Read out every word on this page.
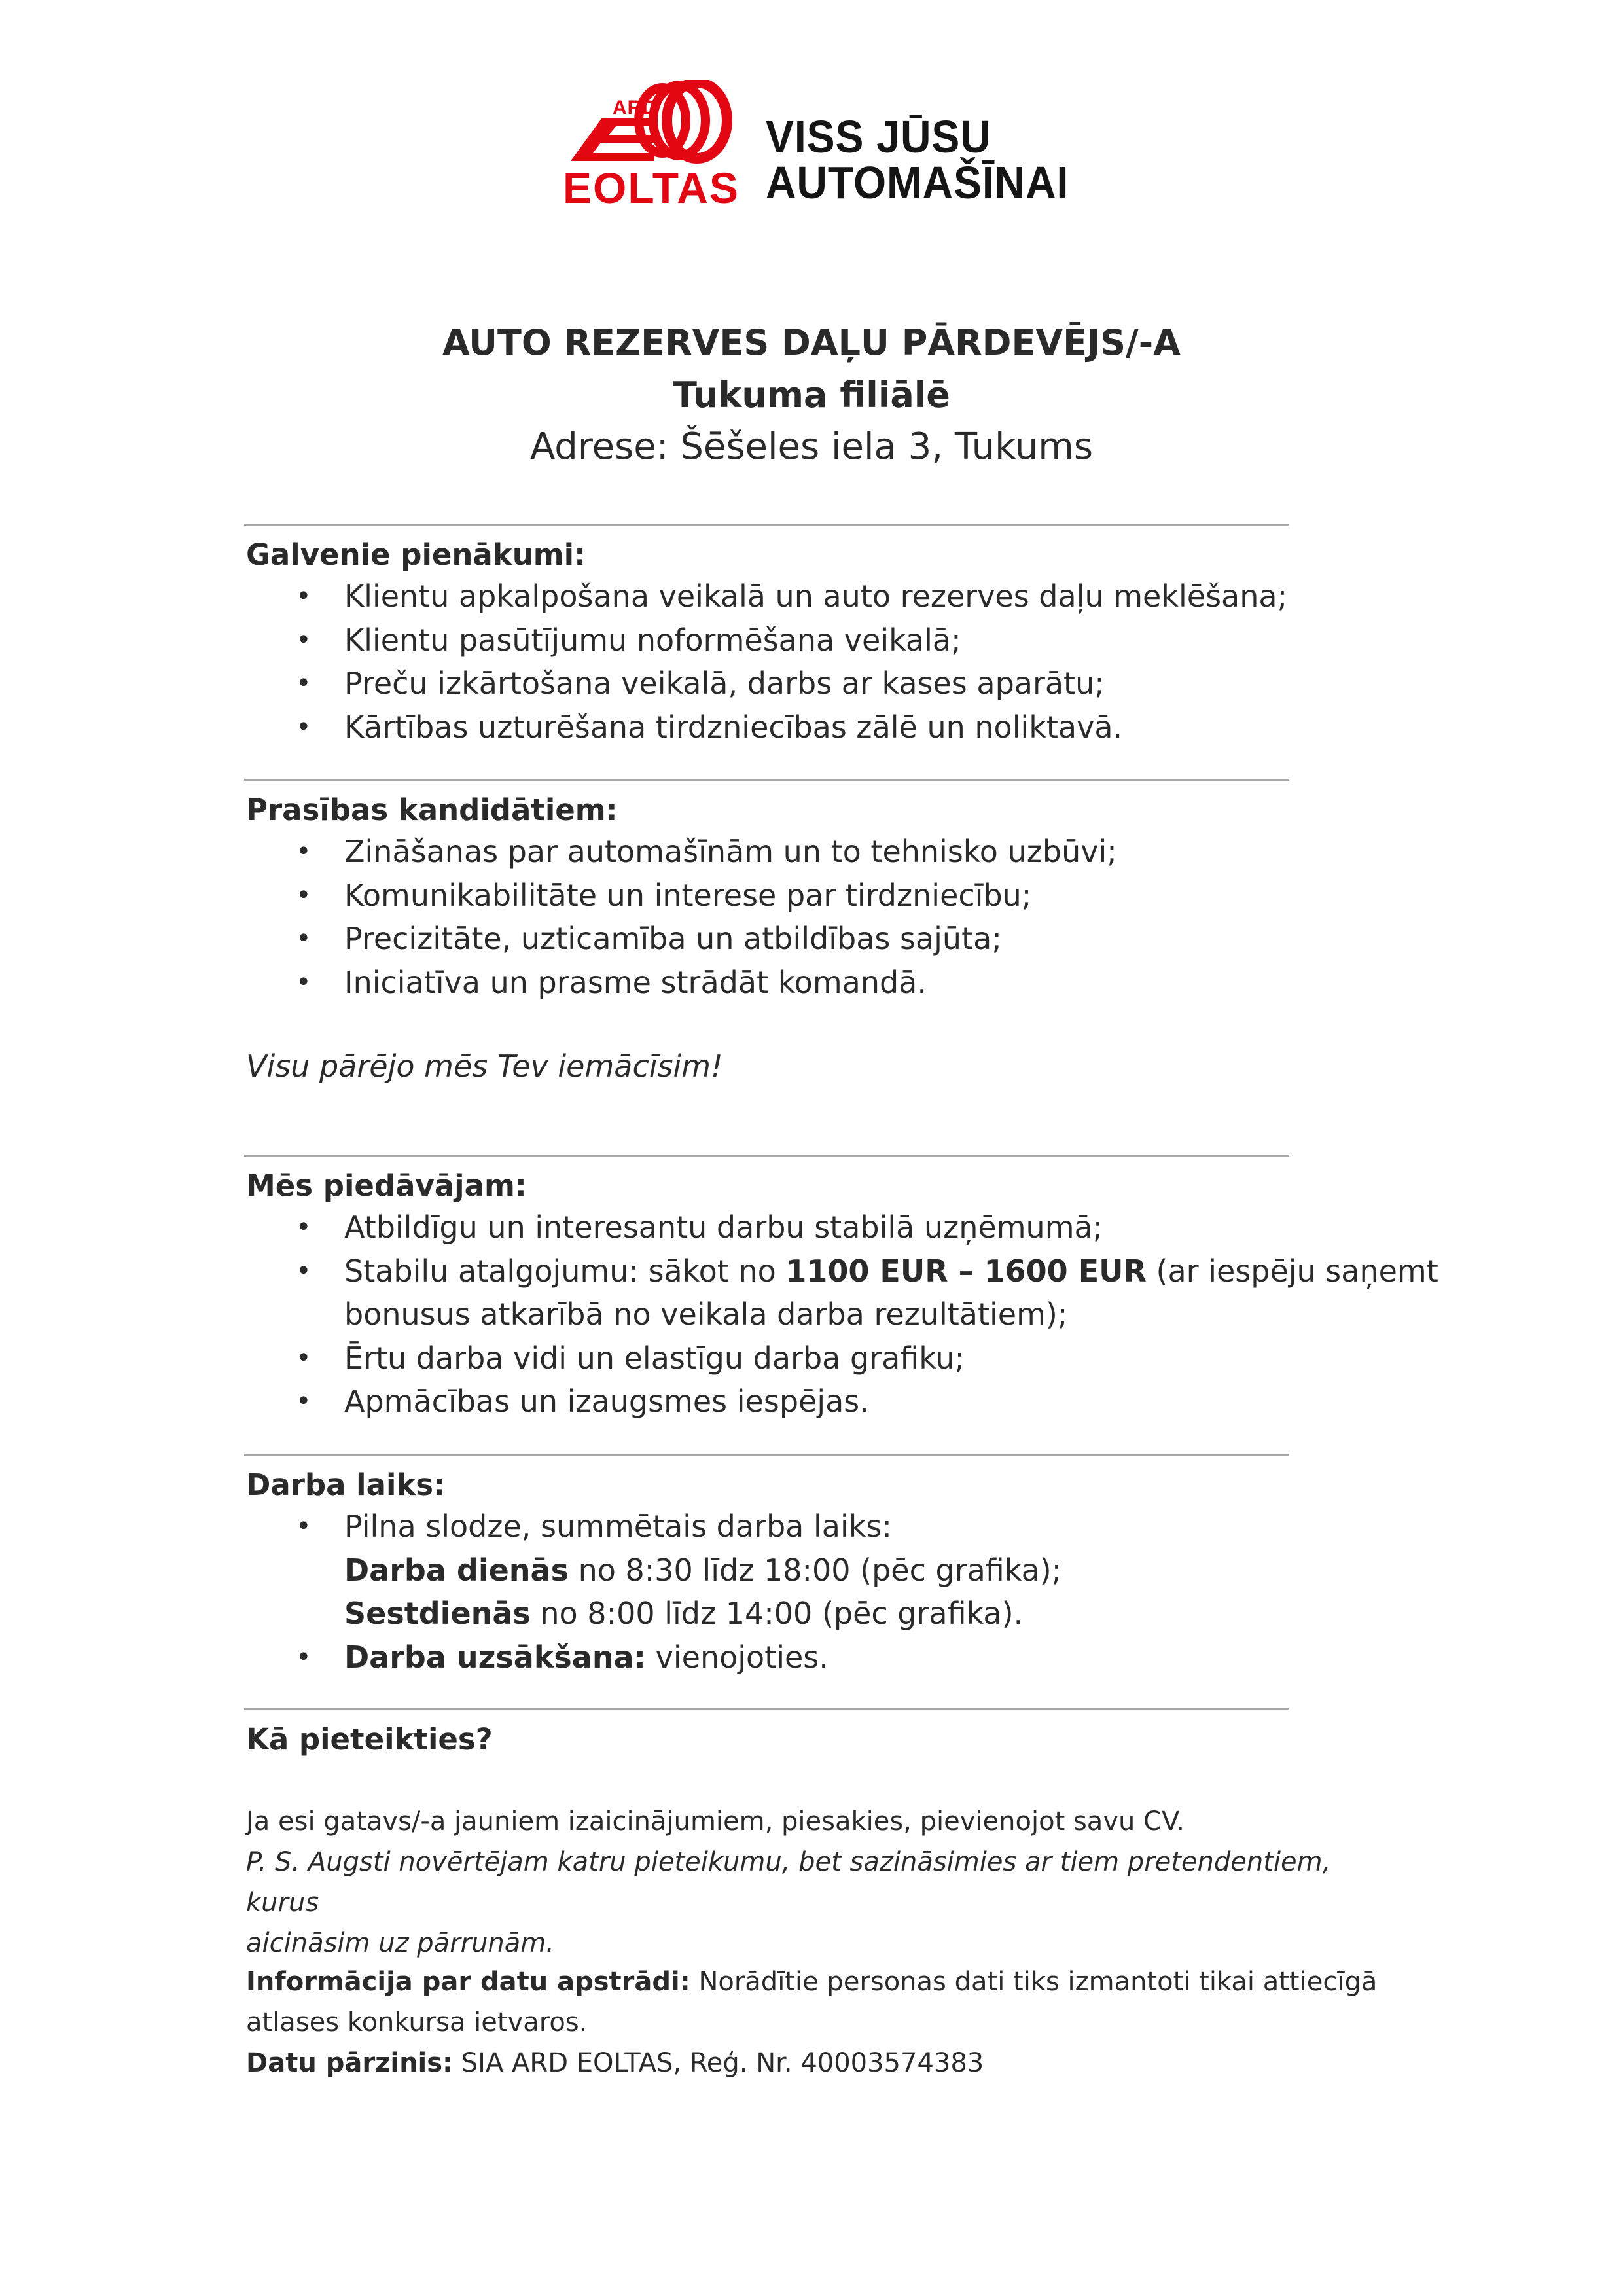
ARD
EOLTAS
VISS JŪSU
AUTOMAŠĪNAI
AUTO REZERVES DAĻU PĀRDEVĒJS/-A
Tukuma filiālē
Adrese: Šēšeles iela 3, Tukums
Galvenie pienākumi:
• Klientu apkalpošana veikalā un auto rezerves daļu meklēšana;
• Klientu pasūtījumu noformēšana veikalā;
• Preču izkārtošana veikalā, darbs ar kases aparātu;
• Kārtības uzturēšana tirdzniecības zālē un noliktavā.
Prasības kandidātiem:
• Zināšanas par automašīnām un to tehnisko uzbūvi;
• Komunikabilitāte un interese par tirdzniecību;
• Precizitāte, uzticamība un atbildības sajūta;
• Iniciatīva un prasme strādāt komandā.
Visu pārējo mēs Tev iemācīsim!
Mēs piedāvājam:
• Atbildīgu un interesantu darbu stabilā uzņēmumā;
• Stabilu atalgojumu: sākot no 1100 EUR – 1600 EUR (ar iespēju saņemt
bonusus atkarībā no veikala darba rezultātiem);
• Ērtu darba vidi un elastīgu darba grafiku;
• Apmācības un izaugsmes iespējas.
Darba laiks:
• Pilna slodze, summētais darba laiks:
Darba dienās no 8:30 līdz 18:00 (pēc grafika);
Sestdienās no 8:00 līdz 14:00 (pēc grafika).
• Darba uzsākšana: vienojoties.
Kā pieteikties?
Ja esi gatavs/-a jauniem izaicinājumiem, piesakies, pievienojot savu CV.
P. S. Augsti novērtējam katru pieteikumu, bet sazināsimies ar tiem pretendentiem, kurus
aicināsim uz pārrunām.
Informācija par datu apstrādi: Norādītie personas dati tiks izmantoti tikai attiecīgā
atlases konkursa ietvaros.
Datu pārzinis: SIA ARD EOLTAS, Reģ. Nr. 40003574383
